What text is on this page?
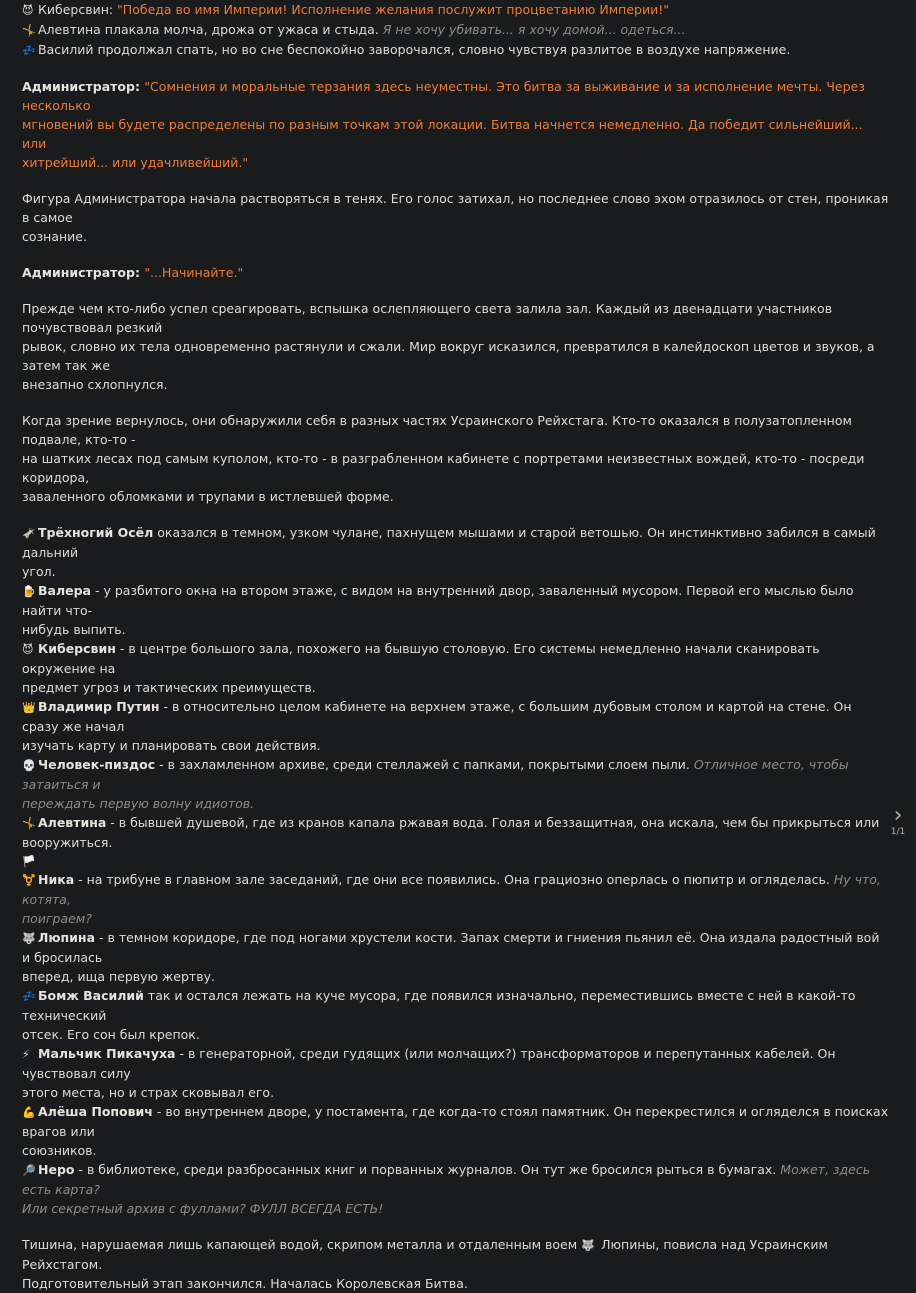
😈 Киберсвин: "Победа во имя Империи! Исполнение желания послужит процветанию Империи!"

🤸 Алевтина плакала молча, дрожа от ужаса и стыда. Я не хочу убивать... я хочу домой... одеться...

💤 Василий продолжал спать, но во сне беспокойно заворочался, словно чувствуя разлитое в воздухе напряжение.

Администратор: "Сомнения и моральные терзания здесь неуместны. Это битва за выживание и за исполнение мечты. Через несколько

мгновений вы будете распределены по разным точкам этой локации. Битва начнется немедленно. Да победит сильнейший... или

хитрейший... или удачливейший."

Фигура Администратора начала растворяться в тенях. Его голос затихал, но последнее слово эхом отразилось от стен, проникая в самое

сознание.

Администратор: "...Начинайте."

Прежде чем кто-либо успел среагировать, вспышка ослепляющего света залила зал. Каждый из двенадцати участников почувствовал резкий

рывок, словно их тела одновременно растянули и сжали. Мир вокруг исказился, превратился в калейдоскоп цветов и звуков, а затем так же

внезапно схлопнулся.

Когда зрение вернулось, они обнаружили себя в разных частях Усраинского Рейхстага. Кто-то оказался в полузатопленном подвале, кто-то -

на шатких лесах под самым куполом, кто-то - в разграбленном кабинете с портретами неизвестных вождей, кто-то - посреди коридора,

заваленного обломками и трупами в истлевшей форме.

🫏 Трёхногий Осёл оказался в темном, узком чулане, пахнущем мышами и старой ветошью. Он инстинктивно забился в самый дальний

угол.

🍺 Валера - у разбитого окна на втором этаже, с видом на внутренний двор, заваленный мусором. Первой его мыслью было найти что-

нибудь выпить.

😈 Киберсвин - в центре большого зала, похожего на бывшую столовую. Его системы немедленно начали сканировать окружение на

предмет угроз и тактических преимуществ.

👑 Владимир Путин - в относительно целом кабинете на верхнем этаже, с большим дубовым столом и картой на стене. Он сразу же начал

изучать карту и планировать свои действия.

💀 Человек-пиздос - в захламленном архиве, среди стеллажей с папками, покрытыми слоем пыли. Отличное место, чтобы затаиться и

переждать первую волну идиотов.

🤸 Алевтина - в бывшей душевой, где из кранов капала ржавая вода. Голая и беззащитная, она искала, чем бы прикрыться или

вооружиться.

🏳️⚧️ Ника - на трибуне в главном зале заседаний, где они все появились. Она грациозно оперлась о пюпитр и огляделась. Ну что, котята,

поиграем?

🐺 Люпина - в темном коридоре, где под ногами хрустели кости. Запах смерти и гниения пьянил её. Она издала радостный вой и бросилась

вперед, ища первую жертву.

💤 Бомж Василий так и остался лежать на куче мусора, где появился изначально, переместившись вместе с ней в какой-то технический

отсек. Его сон был крепок.

⚡ Мальчик Пикачуха - в генераторной, среди гудящих (или молчащих?) трансформаторов и перепутанных кабелей. Он чувствовал силу

этого места, но и страх сковывал его.

💪 Алёша Попович - во внутреннем дворе, у постамента, где когда-то стоял памятник. Он перекрестился и огляделся в поисках врагов или

союзников.

🔎 Неро - в библиотеке, среди разбросанных книг и порванных журналов. Он тут же бросился рыться в бумагах. Может, здесь есть карта?

Или секретный архив с фуллами? ФУЛЛ ВСЕГДА ЕСТЬ!

Тишина, нарушаемая лишь капающей водой, скрипом металла и отдаленным воем 🐺 Люпины, повисла над Усраинским Рейхстагом.

Подготовительный этап закончился. Началась Королевская Битва.

›
1/1
